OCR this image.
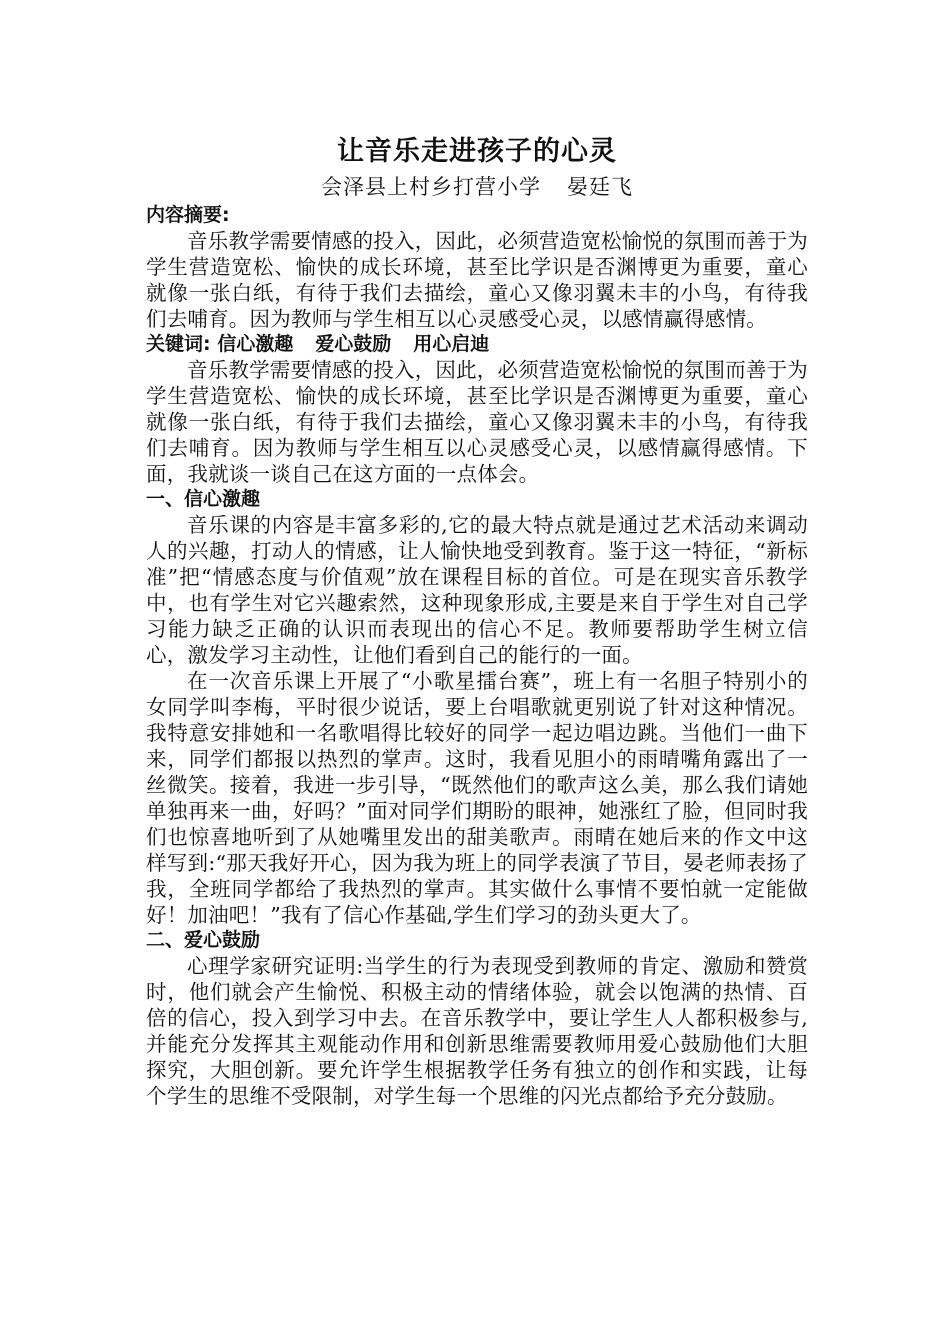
让音乐走进孩子的心灵

会泽县上村乡打营小学 晏廷飞

内容摘要:

音乐教学需要情感的投入，因此，必须营造宽松愉悦的氛围而善于为学生营造宽松、愉快的成长环境，甚至比学识是否渊博更为重要，童心就像一张白纸，有待于我们去描绘，童心又像羽翼未丰的小鸟，有待我们去哺育。因为教师与学生相互以心灵感受心灵，以感情赢得感情。

关键词: 信心激趣 爱心鼓励 用心启迪

音乐教学需要情感的投入，因此，必须营造宽松愉悦的氛围而善于为学生营造宽松、愉快的成长环境，甚至比学识是否渊博更为重要，童心就像一张白纸，有待于我们去描绘，童心又像羽翼未丰的小鸟，有待我们去哺育。因为教师与学生相互以心灵感受心灵，以感情赢得感情。下面，我就谈一谈自己在这方面的一点体会。

一、信心激趣

音乐课的内容是丰富多彩的,它的最大特点就是通过艺术活动来调动人的兴趣，打动人的情感，让人愉快地受到教育。鉴于这一特征，“新标准”把“情感态度与价值观”放在课程目标的首位。可是在现实音乐教学中，也有学生对它兴趣索然，这种现象形成,主要是来自于学生对自己学习能力缺乏正确的认识而表现出的信心不足。教师要帮助学生树立信心，激发学习主动性，让他们看到自己的能行的一面。

在一次音乐课上开展了“小歌星擂台赛”，班上有一名胆子特别小的女同学叫李梅，平时很少说话，要上台唱歌就更别说了针对这种情况。我特意安排她和一名歌唱得比较好的同学一起边唱边跳。当他们一曲下来，同学们都报以热烈的掌声。这时，我看见胆小的雨晴嘴角露出了一丝微笑。接着，我进一步引导，“既然他们的歌声这么美，那么我们请她单独再来一曲，好吗？”面对同学们期盼的眼神，她涨红了脸，但同时我们也惊喜地听到了从她嘴里发出的甜美歌声。雨晴在她后来的作文中这样写到:“那天我好开心，因为我为班上的同学表演了节目，晏老师表扬了我，全班同学都给了我热烈的掌声。其实做什么事情不要怕就一定能做好！加油吧！”我有了信心作基础,学生们学习的劲头更大了。

二、爱心鼓励

心理学家研究证明:当学生的行为表现受到教师的肯定、激励和赞赏时，他们就会产生愉悦、积极主动的情绪体验，就会以饱满的热情、百倍的信心，投入到学习中去。在音乐教学中，要让学生人人都积极参与,并能充分发挥其主观能动作用和创新思维需要教师用爱心鼓励他们大胆探究，大胆创新。要允许学生根据教学任务有独立的创作和实践，让每个学生的思维不受限制，对学生每一个思维的闪光点都给予充分鼓励。
